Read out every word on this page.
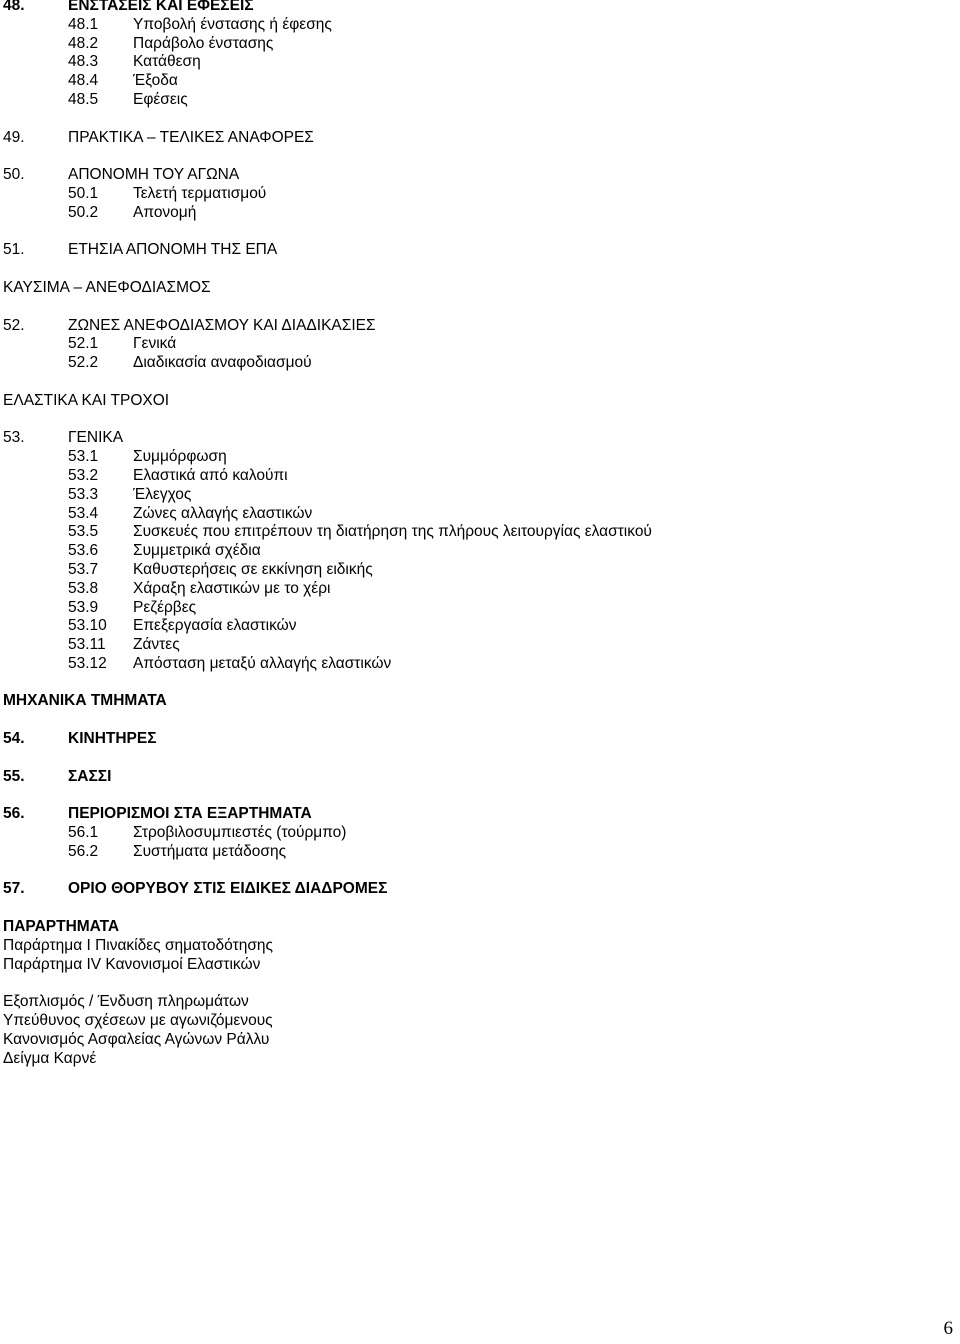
48.	ΕΝΣΤΑΣΕΙΣ ΚΑΙ ΕΦΕΣΕΙΣ
48.1 Υποβολή ένστασης ή έφεσης
48.2 Παράβολο ένστασης
48.3 Κατάθεση
48.4 Έξοδα
48.5 Εφέσεις
49.	ΠΡΑΚΤΙΚΑ – ΤΕΛΙΚΕΣ ΑΝΑΦΟΡΕΣ
50.	ΑΠΟΝΟΜΗ ΤΟΥ ΑΓΩΝΑ
50.1 Τελετή τερματισμού
50.2 Απονομή
51.	ΕΤΗΣΙΑ ΑΠΟΝΟΜΗ ΤΗΣ ΕΠΑ
ΚΑΥΣΙΜΑ – ΑΝΕΦΟΔΙΑΣΜΟΣ
52.	ΖΩΝΕΣ ΑΝΕΦΟΔΙΑΣΜΟΥ ΚΑΙ ΔΙΑΔΙΚΑΣΙΕΣ
52.1 Γενικά
52.2 Διαδικασία αναφοδιασμού
ΕΛΑΣΤΙΚΑ ΚΑΙ ΤΡΟΧΟΙ
53.	ΓΕΝΙΚΑ
53.1 Συμμόρφωση
53.2 Ελαστικά από καλούπι
53.3 Έλεγχος
53.4 Ζώνες αλλαγής ελαστικών
53.5 Συσκευές που επιτρέπουν τη διατήρηση της πλήρους λειτουργίας ελαστικού
53.6 Συμμετρικά σχέδια
53.7 Καθυστερήσεις σε εκκίνηση ειδικής
53.8 Χάραξη ελαστικών με το χέρι
53.9 Ρεζέρβες
53.10 Επεξεργασία ελαστικών
53.11 Ζάντες
53.12 Απόσταση μεταξύ αλλαγής ελαστικών
ΜΗΧΑΝΙΚΑ ΤΜΗΜΑΤΑ
54.	ΚΙΝΗΤΗΡΕΣ
55.	ΣΑΣΣΙ
56.	ΠΕΡΙΟΡΙΣΜΟΙ ΣΤΑ ΕΞΑΡΤΗΜΑΤΑ
56.1 Στροβιλοσυμπιεστές (τούρμπο)
56.2 Συστήματα μετάδοσης
57.	ΟΡΙΟ ΘΟΡΥΒΟΥ ΣΤΙΣ ΕΙΔΙΚΕΣ ΔΙΑΔΡΟΜΕΣ
ΠΑΡΑΡΤΗΜΑΤΑ
Παράρτημα Ι Πινακίδες σηματοδότησης
Παράρτημα IV Κανονισμοί Ελαστικών
Εξοπλισμός / Ένδυση πληρωμάτων
Υπεύθυνος σχέσεων με αγωνιζόμενους
Κανονισμός Ασφαλείας Αγώνων Ράλλυ
Δείγμα Καρνέ
6
